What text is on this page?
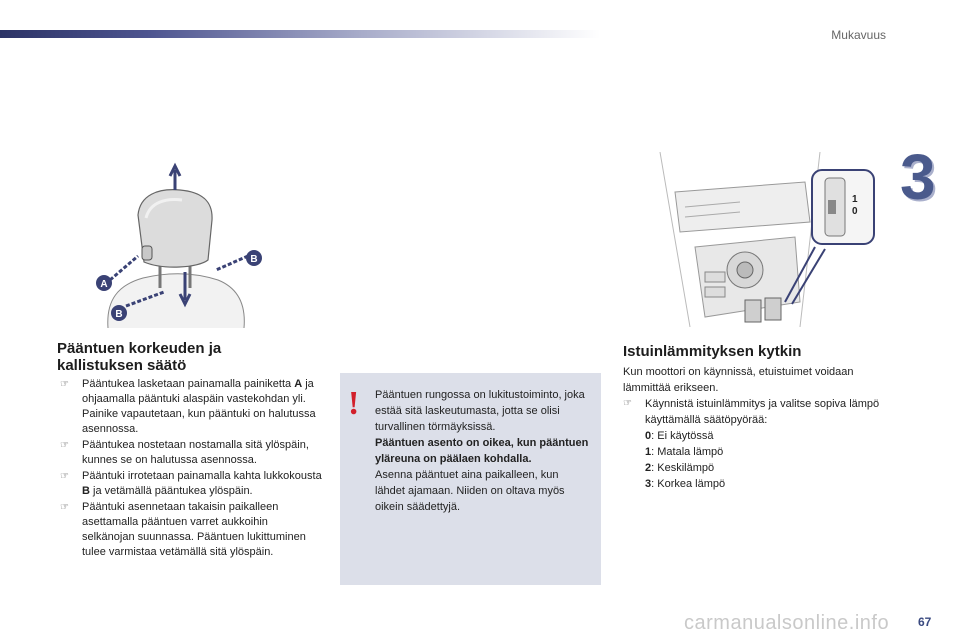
Mukavuus
3
A
B
B
Pääntuen korkeuden ja
kallistuksen säätö
☞ Pääntukea lasketaan painamalla painiketta A ja ohjaamalla pääntuki alaspäin vastekohdan yli. Painike vapautetaan, kun pääntuki on halutussa asennossa.
☞ Pääntukea nostetaan nostamalla sitä ylöspäin, kunnes se on halutussa asennossa.
☞ Pääntuki irrotetaan painamalla kahta lukkokousta B ja vetämällä pääntukea ylöspäin.
☞ Pääntuki asennetaan takaisin paikalleen asettamalla pääntuen varret aukkoihin selkänojan suunnassa. Pääntuen lukittuminen tulee varmistaa vetämällä sitä ylöspäin.
! Pääntuen rungossa on lukitustoiminto, joka estää sitä laskeutumasta, jotta se olisi turvallinen törmäyksissä.

Pääntuen asento on oikea, kun pääntuen yläreuna on päälaen kohdalla.

Asenna pääntuet aina paikalleen, kun lähdet ajamaan. Niiden on oltava myös oikein säädettyjä.

1
0
Istuinlämmityksen kytkin
Kun moottori on käynnissä, etuistuimet voidaan lämmittää erikseen.
☞ Käynnistä istuinlämmitys ja valitse sopiva lämpö käyttämällä säätöpyörää:
0: Ei käytössä
1: Matala lämpö
2: Keskilämpö
3: Korkea lämpö
carmanualsonline.info 67
